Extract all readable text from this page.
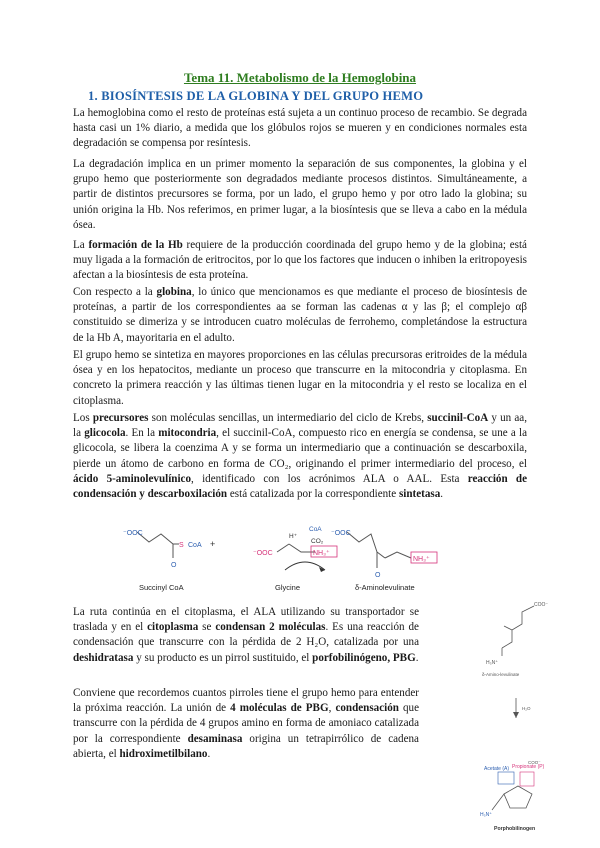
Tema 11. Metabolismo de la Hemoglobina
1. BIOSÍNTESIS DE LA GLOBINA Y DEL GRUPO HEMO

La hemoglobina como el resto de proteínas está sujeta a un continuo proceso de recambio. Se degrada hasta casi un 1% diario, a medida que los glóbulos rojos se mueren y en condiciones normales esta degradación se compensa por resíntesis.

La degradación implica en un primer momento la separación de sus componentes, la globina y el grupo hemo que posteriormente son degradados mediante procesos distintos. Simultáneamente, a partir de distintos precursores se forma, por un lado, el grupo hemo y por otro lado la globina; su unión origina la Hb. Nos referimos, en primer lugar, a la biosíntesis que se lleva a cabo en la médula ósea.

La formación de la Hb requiere de la producción coordinada del grupo hemo y de la globina; está muy ligada a la formación de eritrocitos, por lo que los factores que inducen o inhiben la eritropoyesis afectan a la biosíntesis de esta proteína.

Con respecto a la globina, lo único que mencionamos es que mediante el proceso de biosíntesis de proteínas, a partir de los correspondientes aa se forman las cadenas α y las β; el complejo αβ constituido se dimeriza y se introducen cuatro moléculas de ferrohemo, completándose la estructura de la Hb A, mayoritaria en el adulto.

El grupo hemo se sintetiza en mayores proporciones en las células precursoras eritroides de la médula ósea y en los hepatocitos, mediante un proceso que transcurre en la mitocondria y citoplasma. En concreto la primera reacción y las últimas tienen lugar en la mitocondria y el resto se localiza en el citoplasma.

Los precursores son moléculas sencillas, un intermediario del ciclo de Krebs, succinil-CoA y un aa, la glicocola. En la mitocondria, el succinil-CoA, compuesto rico en energía se condensa, se une a la glicocola, se libera la coenzima A y se forma un intermediario que a continuación se descarboxila, pierde un átomo de carbono en forma de CO₂, originando el primer intermediario del proceso, el ácido 5-aminolevulínico, identificado con los acrónimos ALA o AAL. Esta reacción de condensación y descarboxilación está catalizada por la correspondiente sintetasa.

⁻OOC
O
S CoA +
⁻OOC	NH₃⁺
H⁺
CoA
CO₂
⁻OOC
O
NH₃⁺
Succinyl CoA	Glycine	δ-Aminolevulinate

La ruta continúa en el citoplasma, el ALA utilizando su transportador se traslada y en el citoplasma se condensan 2 moléculas. Es una reacción de condensación que transcurre con la pérdida de 2 H₂O, catalizada por una deshidratasa y su producto es un pirrol sustituido, el porfobilinógeno, PBG.

Conviene que recordemos cuantos pirroles tiene el grupo hemo para entender la próxima reacción. La unión de 4 moléculas de PBG, condensación que transcurre con la pérdida de 4 grupos amino en forma de amoniaco catalizada por la correspondiente desaminasa origina un tetrapirrólico de cadena abierta, el hidroximetilbilano.

COO⁻
H₃N⁺
δ-Amino-levulinate
H₂O
COO⁻
Propionate (P)
Acetate (A)
H₃N⁺
Porphobilinogen
